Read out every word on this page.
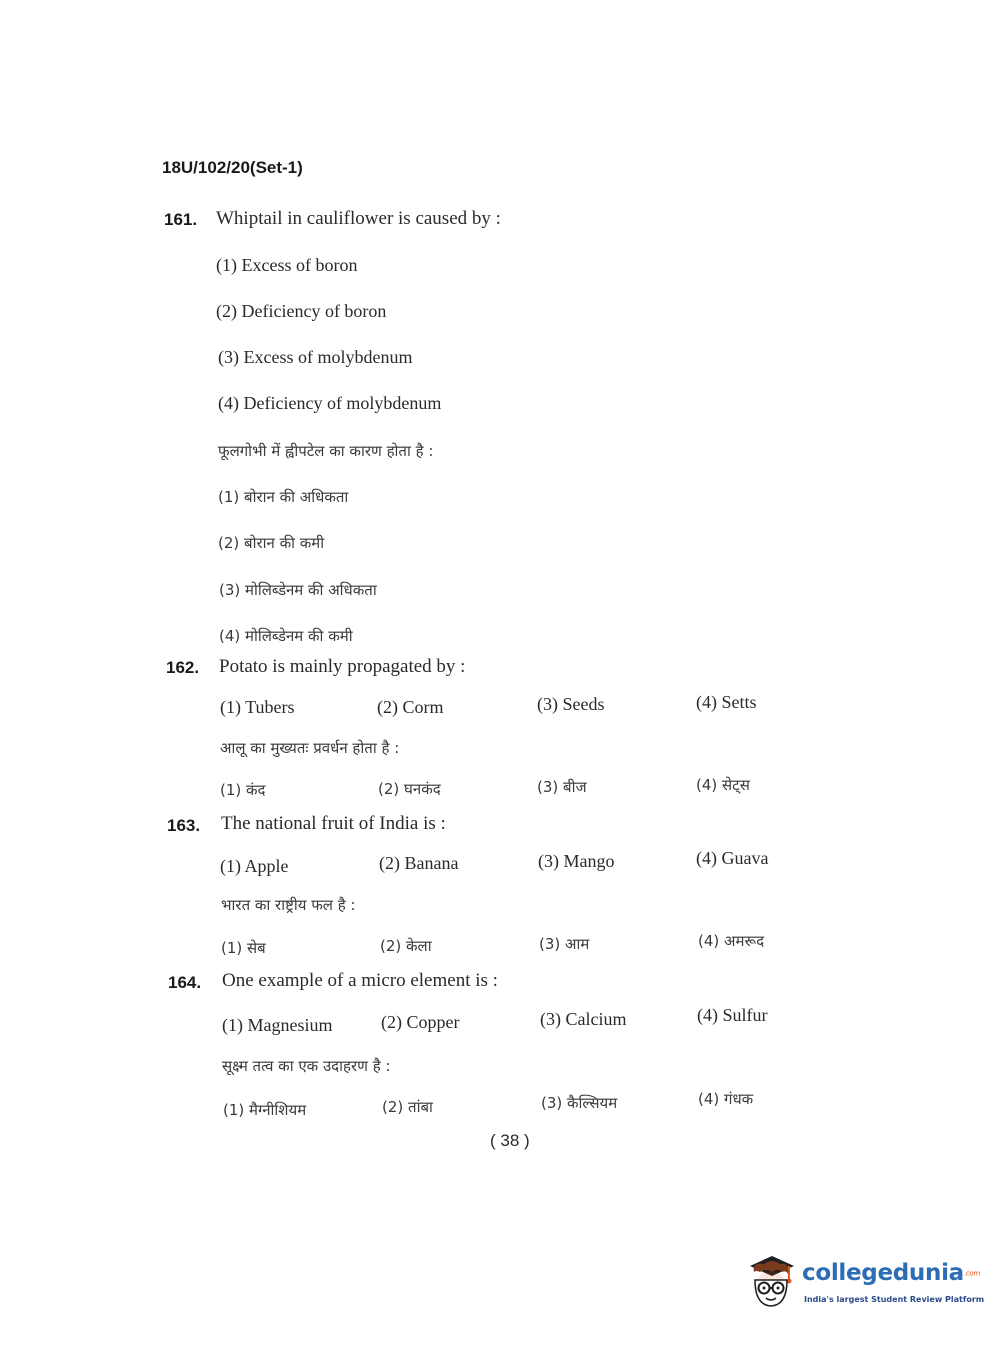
18U/102/20(Set-1)
161. Whiptail in cauliflower is caused by :
(1) Excess of boron
(2) Deficiency of boron
(3) Excess of molybdenum
(4) Deficiency of molybdenum
फूलगोभी में ह्वीपटेल का कारण होता है :
(1) बोरान की अधिकता
(2) बोरान की कमी
(3) मोलिब्डेनम की अधिकता
(4) मोलिब्डेनम की कमी
162. Potato is mainly propagated by :
(1) Tubers	(2) Corm	(3) Seeds	(4) Setts
आलू का मुख्यतः प्रवर्धन होता है :
(1) कंद	(2) घनकंद	(3) बीज	(4) सेट्स
163. The national fruit of India is :
(1) Apple	(2) Banana	(3) Mango	(4) Guava
भारत का राष्ट्रीय फल है :
(1) सेब	(2) केला	(3) आम	(4) अमरूद
164. One example of a micro element is :
(1) Magnesium	(2) Copper	(3) Calcium	(4) Sulfur
सूक्ष्म तत्व का एक उदाहरण है :
(1) मैग्नीशियम	(2) तांबा	(3) कैल्सियम	(4) गंधक
( 38 )
collegedunia.com
India's largest Student Review Platform
